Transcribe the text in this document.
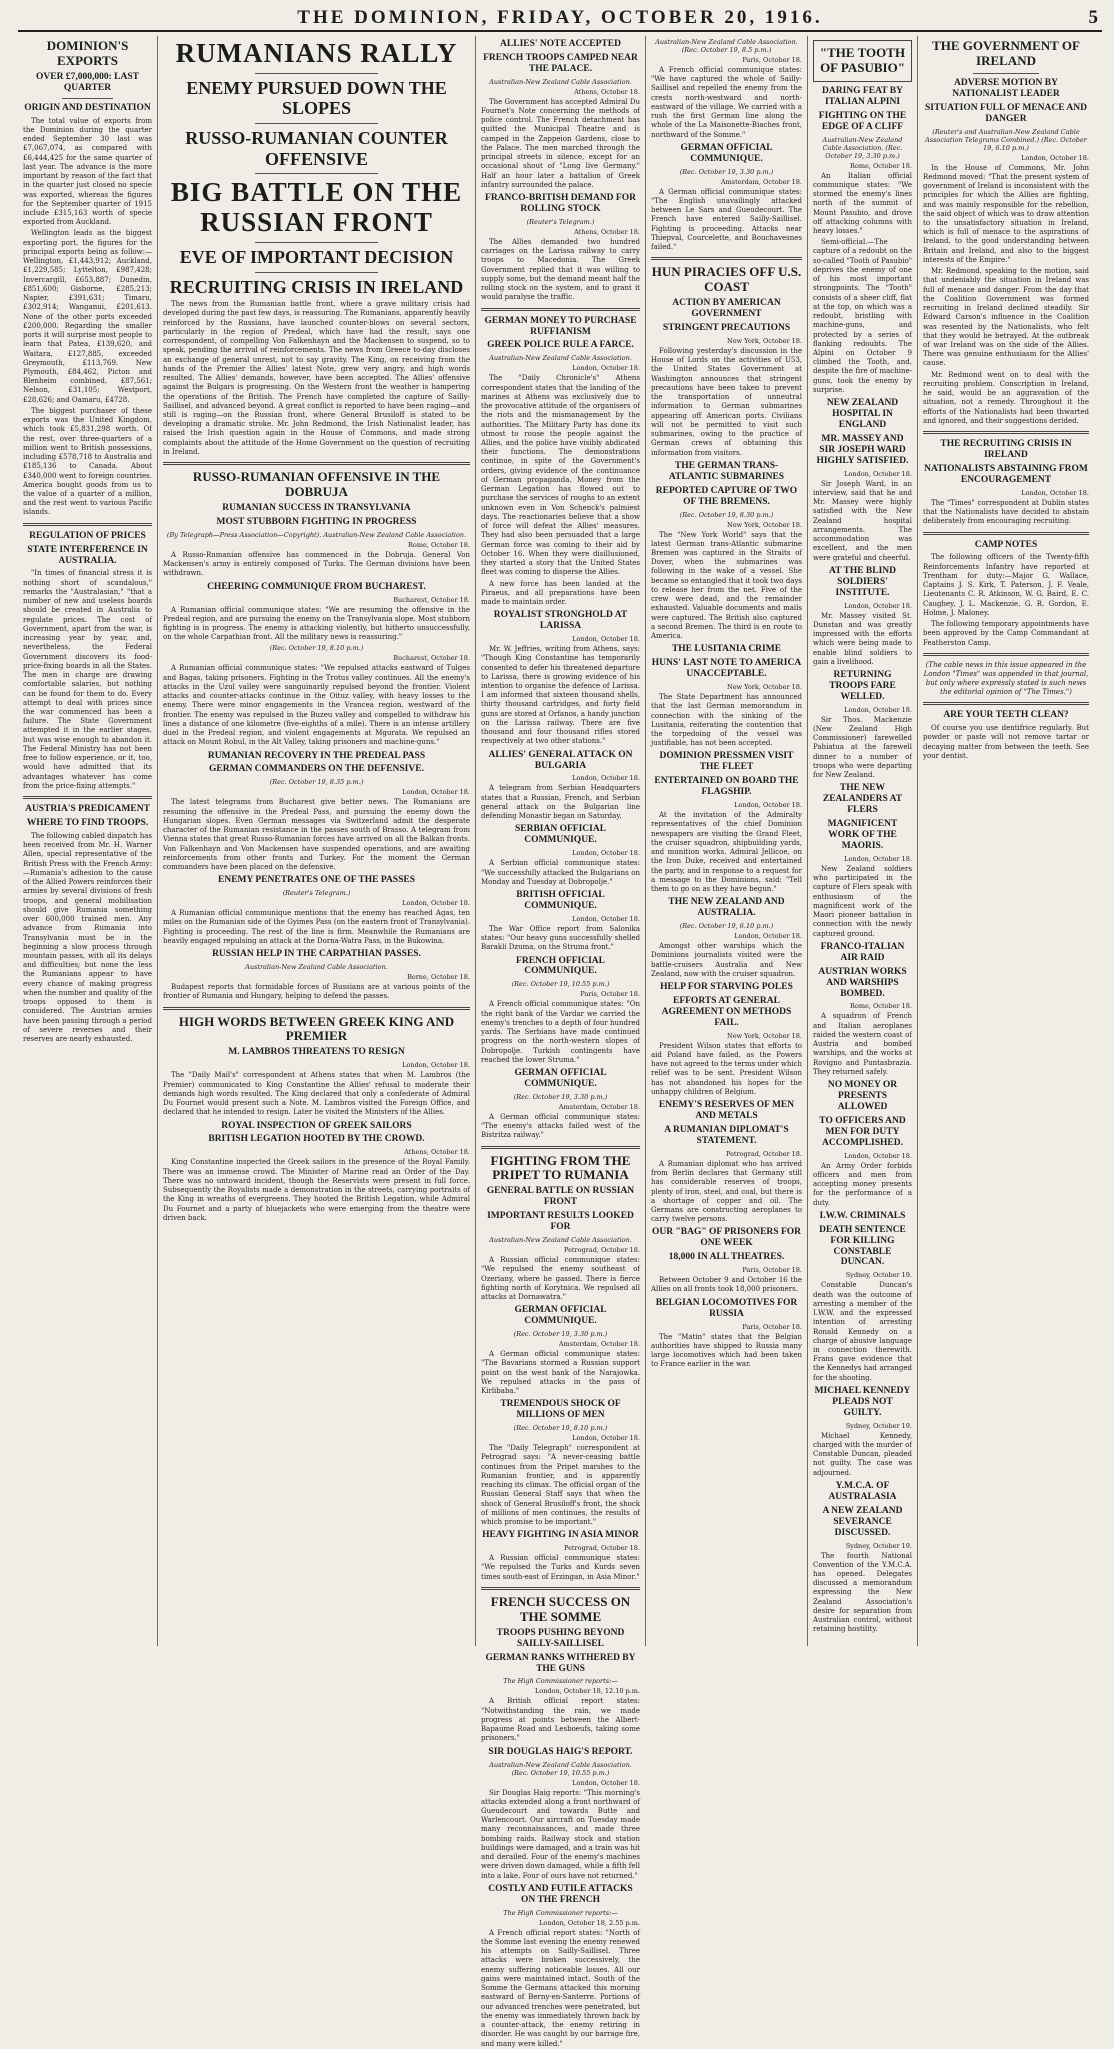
THE DOMINION, FRIDAY, OCTOBER 20, 1916.	5
DOMINION'S EXPORTS
OVER £7,000,000: LAST QUARTER
ORIGIN AND DESTINATION
The total value of exports from the Dominion during the quarter ended September 30 last was £7,067,074, as compared with £6,444,425 for the same quarter of last year. The advance is the more important by reason of the fact that in the quarter just closed no specie was exported, whereas the figures for the September quarter of 1915 include £315,163 worth of specie exported from Auckland.
Wellington leads as the biggest exporting port, the figures for the principal exports being as follow:—Wellington, £1,443,912; Auckland, £1,229,585; Lyttelton, £987,428; Invercargill, £653,887; Dunedin, £851,600; Gisborne, £285,213; Napier, £391,631; Timaru, £302,914; Wanganui, £201,613. None of the other ports exceeded £200,000. Regarding the smaller ports it will surprise most people to learn that Patea, £139,620, and Waitara, £127,885, exceeded Greymouth, £113,769. New Plymouth, £84,462, Picton and Blenheim combined, £87,561; Nelson, £31,105; Westport, £28,626; and Oamaru, £4728.
The biggest purchaser of these exports was the United Kingdom, which took £5,831,298 worth. Of the rest, over three-quarters of a million went to British possessions, including £578,718 to Australia and £185,136 to Canada. About £340,000 went to foreign countries. America bought goods from us to the value of a quarter of a million, and the rest went to various Pacific islands.
REGULATION OF PRICES
STATE INTERFERENCE IN AUSTRALIA.
"In times of financial stress it is nothing short of scandalous," remarks the "Australasian," "that a number of new and useless boards should be created in Australia to regulate prices. The cost of Government, apart from the war, is increasing year by year, and, nevertheless, the Federal Government discovers its food-price-fixing boards in all the States. The men in charge are drawing comfortable salaries, but nothing can be found for them to do. Every attempt to deal with prices since the war commenced has been a failure. The State Government attempted it in the earlier stages, but was wise enough to abandon it. The Federal Ministry has not been free to follow experience, or it, too, would have admitted that its advantages whatever has come from the price-fixing attempts."
AUSTRIA'S PREDICAMENT
WHERE TO FIND TROOPS.
The following cabled dispatch has been received from Mr. H. Warner Allen, special representative of the British Press with the French Army:—Rumania's adhesion to the cause of the Allied Powers reinforces their armies by several divisions of fresh troops, and general mobilisation should give Rumania something over 600,000 trained men. Any advance from Rumania into Transylvania must be in the beginning a slow process through mountain passes, with all its delays and difficulties; but none the less the Rumanians appear to have every chance of making progress when the number and quality of the troops opposed to them is considered. The Austrian armies have been passing through a period of severe reverses and their reserves are nearly exhausted.
RUMANIANS RALLY
ENEMY PURSUED DOWN THE SLOPES
RUSSO-RUMANIAN COUNTER OFFENSIVE
BIG BATTLE ON THE RUSSIAN FRONT
EVE OF IMPORTANT DECISION
RECRUITING CRISIS IN IRELAND
The news from the Rumanian battle front, where a grave military crisis had developed during the past few days, is reassuring. The Rumanians, apparently heavily reinforced by the Russians, have launched counter-blows on several sectors, particularly in the region of Predeal, which have had the result, says one correspondent, of compelling Von Falkenhayn and the Mackensen to suspend, so to speak, pending the arrival of reinforcements. The news from Greece to-day discloses an exchange of general unrest, not to say gravity. The King, on receiving from the hands of the Premier the Allies' latest Note, grew very angry, and high words resulted. The Allies' demands, however, have been accepted. The Allies' offensive against the Bulgars is progressing. On the Western front the weather is hampering the operations of the British. The French have completed the capture of Sailly-Saillisel, and advanced beyond. A great conflict is reported to have been raging—and still is raging—on the Russian front, where General Brusiloff is stated to be developing a dramatic stroke. Mr. John Redmond, the Irish Nationalist leader, has raised the Irish question again in the House of Commons, and made strong complaints about the attitude of the Home Government on the question of recruiting in Ireland.
RUSSO-RUMANIAN OFFENSIVE IN THE DOBRUJA
RUMANIAN SUCCESS IN TRANSYLVANIA
MOST STUBBORN FIGHTING IN PROGRESS
(By Telegraph—Press Association—Copyright). Australian-New Zealand Cable Association.
Rome, October 18.
A Russo-Rumanian offensive has commenced in the Dobruja. General Von Mackensen's army is entirely composed of Turks. The German divisions have been withdrawn.
CHEERING COMMUNIQUE FROM BUCHAREST.
Bucharest, October 18.
A Rumanian official communique states: "We are resuming the offensive in the Predeal region, and are pursuing the enemy on the Transylvania slope. Most stubborn fighting is in progress. The enemy is attacking violently, but hitherto unsuccessfully, on the whole Carpathian front. All the military news is reassuring."
(Rec. October 19, 8.10 p.m.)
Bucharest, October 18.
A Rumanian official communique states: "We repulsed attacks eastward of Tulges and Bagas, taking prisoners. Fighting in the Trotus valley continues. All the enemy's attacks in the Uzul valley were sanguinarily repulsed beyond the frontier. Violent attacks and counter-attacks continue in the Oituz valley, with heavy losses to the enemy. There were minor engagements in the Vrancea region, westward of the frontier. The enemy was repulsed in the Buzeu valley and compelled to withdraw his lines a distance of one kilometre (five-eighths of a mile). There is an intense artillery duel in the Predeal region, and violent engagements at Mgurata. We repulsed an attack on Mount Robul, in the Alt Valley, taking prisoners and machine-guns."
RUMANIAN RECOVERY IN THE PREDEAL PASS
GERMAN COMMANDERS ON THE DEFENSIVE.
(Rec. October 19, 8.35 p.m.)
London, October 18.
The latest telegrams from Bucharest give better news. The Rumanians are resuming the offensive in the Predeal Pass, and pursuing the enemy down the Hungarian slopes. Even German messages via Switzerland admit the desperate character of the Rumanian resistance in the passes south of Brasso. A telegram from Vienna states that great Russo-Rumanian forces have arrived on all the Balkan fronts. Von Falkenhayn and Von Mackensen have suspended operations, and are awaiting reinforcements from other fronts and Turkey. For the moment the German commanders have been placed on the defensive.
ENEMY PENETRATES ONE OF THE PASSES
(Reuter's Telegram.)
London, October 18.
A Rumanian official communique mentions that the enemy has reached Agas, ten miles on the Rumanian side of the Gyimes Pass (on the eastern front of Transylvania). Fighting is proceeding. The rest of the line is firm. Meanwhile the Rumanians are heavily engaged repulsing an attack at the Dorna-Watra Pass, in the Bukowina.
RUSSIAN HELP IN THE CARPATHIAN PASSES.
Australian-New Zealand Cable Association.
Berne, October 18.
Budapest reports that formidable forces of Russians are at various points of the frontier of Rumania and Hungary, helping to defend the passes.
HIGH WORDS BETWEEN GREEK KING AND PREMIER
M. LAMBROS THREATENS TO RESIGN
London, October 18.
The "Daily Mail's" correspondent at Athens states that when M. Lambros (the Premier) communicated to King Constantine the Allies' refusal to moderate their demands high words resulted. The King declared that only a confederate of Admiral Du Fournet would present such a Note. M. Lambros visited the Foreign Office, and declared that he intended to resign. Later he visited the Ministers of the Allies.
ROYAL INSPECTION OF GREEK SAILORS
BRITISH LEGATION HOOTED BY THE CROWD.
Athens, October 18.
King Constantine inspected the Greek sailors in the presence of the Royal Family. There was an immense crowd. The Minister of Marine read an Order of the Day. There was no untoward incident, though the Reservists were present in full force. Subsequently the Royalists made a demonstration in the streets, carrying portraits of the King in wreaths of evergreens. They hooted the British Legation, while Admiral Du Fournet and a party of bluejackets who were emerging from the theatre were driven back.
ALLIES' NOTE ACCEPTED
FRENCH TROOPS CAMPED NEAR THE PALACE.
Australian-New Zealand Cable Association.
Athens, October 18.
The Government has accepted Admiral Du Fournet's Note concerning the methods of police control. The French detachment has quitted the Municipal Theatre and is camped in the Zappeion Gardens, close to the Palace. The men marched through the principal streets in silence, except for an occasional shout of "Long live Germany." Half an hour later a battalion of Greek infantry surrounded the palace.
FRANCO-BRITISH DEMAND FOR ROLLING STOCK
(Reuter's Telegram.)
Athens, October 18.
The Allies demanded two hundred carriages on the Larissa railway to carry troops to Macedonia. The Greek Government replied that it was willing to supply some, but the demand meant half the rolling stock on the system, and to grant it would paralyse the traffic.
GERMAN MONEY TO PURCHASE RUFFIANISM
GREEK POLICE RULE A FARCE.
Australian-New Zealand Cable Association.
London, October 18.
The "Daily Chronicle's" Athens correspondent states that the landing of the marines at Athens was exclusively due to the provocative attitude of the organisers of the riots and the mismanagement by the authorities. The Military Party has done its utmost to rouse the people against the Allies, and the police have visibly abdicated their functions. The demonstrations continue, in spite of the Government's orders, giving evidence of the continuance of German propaganda. Money from the German Legation has flowed out to purchase the services of roughs to an extent unknown even in Von Schenck's palmiest days. The reactionaries believe that a show of force will defeat the Allies' measures. They had also been persuaded that a large German force was coming to their aid by October 16. When they were disillusioned, they started a story that the United States fleet was coming to disperse the Allies.
A new force has been landed at the Piraeus, and all preparations have been made to maintain order.
ROYALIST STRONGHOLD AT LARISSA
London, October 18.
Mr. W. Jeffries, writing from Athens, says: "Though King Constantine has temporarily consented to defer his threatened departure to Larissa, there is growing evidence of his intention to organise the defence of Larissa. I am informed that sixteen thousand shells, thirty thousand cartridges, and forty field guns are stored at Orfanos, a handy junction on the Larissa railway. There are five thousand and four thousand rifles stored respectively at two other stations."
ALLIES' GENERAL ATTACK ON BULGARIA
London, October 18.
A telegram from Serbian Headquarters states that a Russian, French, and Serbian general attack on the Bulgarian line defending Monastir began on Saturday.
SERBIAN OFFICIAL COMMUNIQUE.
London, October 18.
A Serbian official communique states: "We successfully attacked the Bulgarians on Monday and Tuesday at Dobropolje."
BRITISH OFFICIAL COMMUNIQUE.
London, October 18.
The War Office report from Salonika states: "Our heavy guns successfully shelled Barakli Dzuma, on the Struma front."
FRENCH OFFICIAL COMMUNIQUE.
(Rec. October 19, 10.55 p.m.)
Paris, October 18.
A French official communique states: "On the right bank of the Vardar we carried the enemy's trenches to a depth of four hundred yards. The Serbians have made continued progress on the north-western slopes of Dobropolje. Turkish contingents have reached the lower Struma."
GERMAN OFFICIAL COMMUNIQUE.
(Rec. October 19, 3.30 p.m.)
Amsterdam, October 18.
A German official communique states: "The enemy's attacks failed west of the Bistritza railway."
FIGHTING FROM THE PRIPET TO RUMANIA
GENERAL BATTLE ON RUSSIAN FRONT
IMPORTANT RESULTS LOOKED FOR
Australian-New Zealand Cable Association.
Petrograd, October 18.
A Russian official communique states: "We repulsed the enemy southeast of Ozeriany, where he gassed. There is fierce fighting north of Korytnica. We repulsed all attacks at Dornawatra."
GERMAN OFFICIAL COMMUNIQUE.
(Rec. October 19, 3.30 p.m.)
Amsterdam, October 18.
A German official communique states: "The Bavarians stormed a Russian support point on the west bank of the Narajowka. We repulsed attacks in the pass of Kirlibaba."
TREMENDOUS SHOCK OF MILLIONS OF MEN
(Rec. October 19, 8.10 p.m.)
London, October 18.
The "Daily Telegraph" correspondent at Petrograd says: "A never-ceasing battle continues from the Pripet marshes to the Rumanian frontier, and is apparently reaching its climax. The official organ of the Russian General Staff says that when the shock of General Brusiloff's front, the shock of millions of men continues, the results of which promise to be important."
HEAVY FIGHTING IN ASIA MINOR
Petrograd, October 18.
A Russian official communique states: "We repulsed the Turks and Kurds seven times south-east of Erzingan, in Asia Minor."
FRENCH SUCCESS ON THE SOMME
TROOPS PUSHING BEYOND SAILLY-SAILLISEL
GERMAN RANKS WITHERED BY THE GUNS
The High Commissioner reports:—
London, October 18, 12.10 p.m.
A British official report states: "Notwithstanding the rain, we made progress at points between the Albert-Bapaume Road and Lesboeufs, taking some prisoners."
SIR DOUGLAS HAIG'S REPORT.
Australian-New Zealand Cable Association. (Rec. October 19, 10.55 p.m.)
London, October 18.
Sir Douglas Haig reports: "This morning's attacks extended along a front northward of Gueudecourt and towards Butte and Warlencourt. Our aircraft on Tuesday made many reconnaissances, and made three bombing raids. Railway stock and station buildings were damaged, and a train was hit and derailed. Four of the enemy's machines were driven down damaged, while a fifth fell into a lake. Four of ours have not returned."
COSTLY AND FUTILE ATTACKS ON THE FRENCH
The High Commissioner reports:—
London, October 18, 2.55 p.m.
A French official report states: "North of the Somme last evening the enemy renewed his attempts on Sailly-Saillisel. Three attacks were broken successively, the enemy suffering noticeable losses. All our gains were maintained intact. South of the Somme the Germans attacked this morning eastward of Berny-en-Santerre. Portions of our advanced trenches were penetrated, but the enemy was immediately thrown back by a counter-attack, the enemy retiring in disorder. He was caught by our barrage fire, and many were killed."
Australian-New Zealand Cable Association. (Rec. October 19, 8.5 p.m.)
Paris, October 18.
A French official communique states: "We have captured the whole of Sailly-Saillisel and repelled the enemy from the crests north-westward and north-eastward of the village. We carried with a rush the first German line along the whole of the La Maisonette-Biaches front, northward of the Somme."
GERMAN OFFICIAL COMMUNIQUE.
(Rec. October 19, 3.30 p.m.)
Amsterdam, October 18.
A German official communique states: "The English unavailingly attacked between Le Sars and Gueudecourt. The French have entered Sailly-Saillisel. Fighting is proceeding. Attacks near Thiepval, Courcelette, and Bouchavesnes failed."
HUN PIRACIES OFF U.S. COAST
ACTION BY AMERICAN GOVERNMENT
STRINGENT PRECAUTIONS
New York, October 18.
Following yesterday's discussion in the House of Lords on the activities of U53, the United States Government at Washington announces that stringent precautions have been taken to prevent the transportation of unneutral information to German submarines appearing off American ports. Civilians will not be permitted to visit such submarines, owing to the practice of German crews of obtaining this information from visitors.
THE GERMAN TRANS-ATLANTIC SUBMARINES
REPORTED CAPTURE OF TWO OF THE BREMENS.
(Rec. October 19, 8.30 p.m.)
New York, October 18.
The "New York World" says that the latest German trans-Atlantic submarine Bremen was captured in the Straits of Dover, when the submarines was following in the wake of a vessel. She became so entangled that it took two days to release her from the net. Five of the crew were dead, and the remainder exhausted. Valuable documents and mails were captured. The British also captured a second Bremen. The third is en route to America.
THE LUSITANIA CRIME
HUNS' LAST NOTE TO AMERICA UNACCEPTABLE.
New York, October 18.
The State Department has announced that the last German memorandum in connection with the sinking of the Lusitania, reiterating the contention that the torpedoing of the vessel was justifiable, has not been accepted.
DOMINION PRESSMEN VISIT THE FLEET
ENTERTAINED ON BOARD THE FLAGSHIP.
London, October 18.
At the invitation of the Admiralty representatives of the chief Dominion newspapers are visiting the Grand Fleet, the cruiser squadron, shipbuilding yards, and munition works. Admiral Jellicoe, on the Iron Duke, received and entertained the party, and in response to a request for a message to the Dominions, said: "Tell them to go on as they have begun."
THE NEW ZEALAND AND AUSTRALIA.
(Rec. October 19, 6.10 p.m.)
London, October 18.
Amongst other warships which the Dominions journalists visited were the battle-cruisers Australia and New Zealand, now with the cruiser squadron.
HELP FOR STARVING POLES
EFFORTS AT GENERAL AGREEMENT ON METHODS FAIL.
New York, October 18.
President Wilson states that efforts to aid Poland have failed, as the Powers have not agreed to the terms under which relief was to be sent. President Wilson has not abandoned his hopes for the unhappy children of Belgium.
ENEMY'S RESERVES OF MEN AND METALS
A RUMANIAN DIPLOMAT'S STATEMENT.
Petrograd, October 18.
A Rumanian diplomat who has arrived from Berlin declares that Germany still has considerable reserves of troops, plenty of iron, steel, and coal, but there is a shortage of copper and oil. The Germans are constructing aeroplanes to carry twelve persons.
OUR "BAG" OF PRISONERS FOR ONE WEEK
18,000 IN ALL THEATRES.
Paris, October 18.
Between October 9 and October 16 the Allies on all fronts took 18,000 prisoners.
BELGIAN LOCOMOTIVES FOR RUSSIA
Paris, October 18.
The "Matin" states that the Belgian authorities have shipped to Russia many large locomotives which had been taken to France earlier in the war.
"THE TOOTH OF PASUBIO"
DARING FEAT BY ITALIAN ALPINI
FIGHTING ON THE EDGE OF A CLIFF
Australian-New Zealand Cable Association. (Rec. October 19, 3.30 p.m.)
Rome, October 18.
An Italian official communique states: "We stormed the enemy's lines north of the summit of Mount Pasubio, and drove off attacking columns with heavy losses."
Semi-official.—The capture of a redoubt on the so-called "Tooth of Pasubio" deprives the enemy of one of his most important strongpoints. The "Tooth" consists of a sheer cliff, flat at the top, on which was a redoubt, bristling with machine-guns, and protected by a series of flanking redoubts. The Alpini on October 9 climbed the Tooth, and, despite the fire of machine-guns, took the enemy by surprise.
NEW ZEALAND HOSPITAL IN ENGLAND
MR. MASSEY AND SIR JOSEPH WARD HIGHLY SATISFIED.
London, October 18.
Sir Joseph Ward, in an interview, said that he and Mr. Massey were highly satisfied with the New Zealand hospital arrangements. The accommodation was excellent, and the men were grateful and cheerful.
AT THE BLIND SOLDIERS' INSTITUTE.
London, October 18.
Mr. Massey visited St. Dunstan and was greatly impressed with the efforts which were being made to enable blind soldiers to gain a livelihood.
RETURNING TROOPS FARE WELLED.
London, October 18.
Sir Thos. Mackenzie (New Zealand High Commissioner) farewelled Pahiatua at the farewell dinner to a number of troops who were departing for New Zealand.
THE NEW ZEALANDERS AT FLERS
MAGNIFICENT WORK OF THE MAORIS.
London, October 18.
New Zealand soldiers who participated in the capture of Flers speak with enthusiasm of the magnificent work of the Maori pioneer battalion in connection with the newly captured ground.
FRANCO-ITALIAN AIR RAID
AUSTRIAN WORKS AND WARSHIPS BOMBED.
Rome, October 18.
A squadron of French and Italian aeroplanes raided the western coast of Austria and bombed warships, and the works at Rovigno and Puntasbrazia. They returned safely.
NO MONEY OR PRESENTS ALLOWED
TO OFFICERS AND MEN FOR DUTY ACCOMPLISHED.
London, October 18.
An Army Order forbids officers and men from accepting money presents for the performance of a duty.
I.W.W. CRIMINALS
DEATH SENTENCE FOR KILLING CONSTABLE DUNCAN.
Sydney, October 19.
Constable Duncan's death was the outcome of arresting a member of the I.W.W. and the expressed intention of arresting Ronald Kennedy on a charge of abusive language in connection therewith. Frans gave evidence that the Kennedys had arranged for the shooting.
MICHAEL KENNEDY PLEADS NOT GUILTY.
Sydney, October 19.
Michael Kennedy, charged with the murder of Constable Duncan, pleaded not guilty. The case was adjourned.
Y.M.C.A. OF AUSTRALASIA
A NEW ZEALAND SEVERANCE DISCUSSED.
Sydney, October 19.
The fourth National Convention of the Y.M.C.A. has opened. Delegates discussed a memorandum expressing the New Zealand Association's desire for separation from Australian control, without retaining hostility.
THE GOVERNMENT OF IRELAND
ADVERSE MOTION BY NATIONALIST LEADER
SITUATION FULL OF MENACE AND DANGER
(Reuter's and Australian-New Zealand Cable Association Telegrams Combined.) (Rec. October 19, 6.10 p.m.)
London, October 18.
In the House of Commons, Mr. John Redmond moved: "That the present system of government of Ireland is inconsistent with the principles for which the Allies are fighting, and was mainly responsible for the rebellion, the said object of which was to draw attention to the unsatisfactory situation in Ireland, which is full of menace to the aspirations of Ireland, to the good understanding between Britain and Ireland, and also to the biggest interests of the Empire."
Mr. Redmond, speaking to the motion, said that undeniably the situation in Ireland was full of menace and danger. From the day that the Coalition Government was formed recruiting in Ireland declined steadily. Sir Edward Carson's influence in the Coalition was resented by the Nationalists, who felt that they would be betrayed. At the outbreak of war Ireland was on the side of the Allies. There was genuine enthusiasm for the Allies' cause.
Mr. Redmond went on to deal with the recruiting problem. Conscription in Ireland, he said, would be an aggravation of the situation, not a remedy. Throughout it the efforts of the Nationalists had been thwarted and ignored, and their suggestions derided.
THE RECRUITING CRISIS IN IRELAND
NATIONALISTS ABSTAINING FROM ENCOURAGEMENT
London, October 18.
The "Times" correspondent at Dublin states that the Nationalists have decided to abstain deliberately from encouraging recruiting.
CAMP NOTES
The following officers of the Twenty-fifth Reinforcements Infantry have reported at Trentham for duty:—Major G. Wallace, Captains J. S. Kirk, T. Paterson, J. F. Veale, Lieutenants C. R. Atkinson, W. G. Baird, E. C. Caughey, J. L. Mackenzie, G. R. Gordon, E. Holme, J. Maloney.
The following temporary appointments have been approved by the Camp Commandant at Featherston Camp.
(The cable news in this issue appeared in the London "Times" was appended in that journal, but only where expressly stated is such news the editorial opinion of "The Times.")
ARE YOUR TEETH CLEAN?
Of course you use dentifrice regularly. But powder or paste will not remove tartar or decaying matter from between the teeth. See your dentist.
